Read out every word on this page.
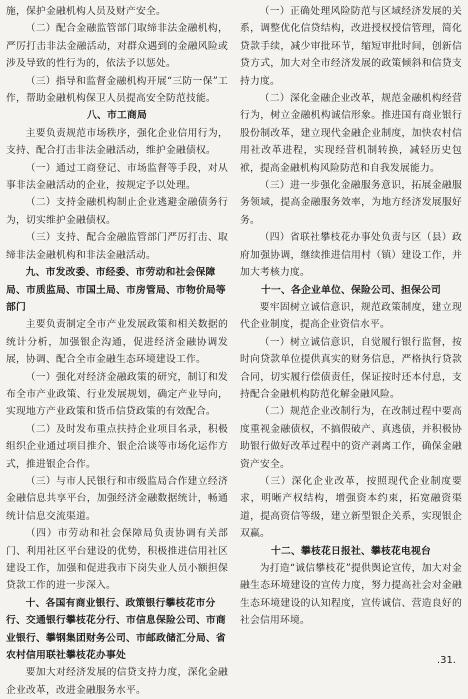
施，保护金融机构人员及财产安全。

（二）配合金融监管部门取缔非法金融机构，严厉打击非法金融活动，对群众遇到的金融风险或涉及导致的性行为的，依法予以惩处。

（三）指导和监督金融机构开展“三防一保”工作，帮助金融机构保卫人员提高安全防范技能。

八、市工商局

主要负责规范市场秩序，强化企业信用行为，支持、配合打击非法金融活动，维护金融债权。

（一）通过工商登记、市场监督等手段，对从事非法金融活动的企业，按规定予以处理。

（二）支持金融机构制止企业逃避金融债务行为，切实维护金融债权。

（三）支持、配合金融监管部门严厉打击、取缔非法金融机构和非法金融活动。

九、市发改委、市经委、市劳动和社会保障局、市质监局、市国土局、市房管局、市物价局等部门

主要负责制定全市产业发展政策和相关数据的统计分析，加强银企沟通，促进经济金融协调发展，协调、配合全市金融生态环境建设工作。

（一）强化对经济金融政策的研究，制订和发布全市产业政策、行业发展规划，确定产业导向，实现地方产业政策和货币信贷政策的有效配合。

（二）及时发布重点扶持企业项目名录，积极组织企业通过项目推介、银企洽谈等市场化运作方式，推进银企合作。

（三）与市人民银行和市级监局合作建立经济金融信息共享平台，加强经济金融数据统计，畅通统计信息交流渠道。

（四）市劳动和社会保障局负责协调有关部门、利用社区平台建设的优势，积极推进信用社区建设工作，加强和促进我市下岗失业人员小额担保贷款工作的进一步深入。

十、各国有商业银行、政策银行攀枝花市分行、交通银行攀枝花分行、市信息保险公司、市商业银行、攀钢集团财务公司、市邮政储汇分局、省农村信用联社攀枝花办事处

要加大对经济发展的信贷支持力度，深化金融企业改革，改进金融服务水平。

（一）正确处理风险防范与区域经济发展的关系，调整优化信贷结构，改进授权授信管理，简化贷款手续，减少审批环节，缩短审批时间，创新信贷方式，加大对全市经济发展的政策倾斜和信贷支持力度。

（二）深化金融企业改革，规范金融机构经营行为，树立金融机构诚信形象。推进国有商业银行股份制改革，建立现代金融企业制度，加快农村信用社改革进程，实现经营机制转换，减轻历史包袱，提高金融机构风险防范和自我发展能力。

（三）进一步强化金融服务意识，拓展金融服务领域，提高金融服务效率，为地方经济发展服好务。

（四）省联社攀枝花办事处负责与区（县）政府加强协调，继续推进信用村（镇）建设工作，并加大考核力度。

十一、各企业单位、保险公司、担保公司

要牢固树立诚信意识，规范政策制度，建立现代企业制度，提高企业资信水平。

（一）树立诚信意识，自觉履行银行监督，按时向贷款单位提供真实的财务信息，严格执行贷款合同，切实履行偿债责任，保证按时还本付息，支持配合金融机构防范化解金融风险。

（二）规范企业改制行为，在改制过程中要高度重视金融债权，不搞假破产、真逃债，并积极协助银行做好改革过程中的资产剥离工作，确保金融资产安全。

（三）深化企业改革，按照现代企业制度要求，明晰产权结构，增强资本约束，拓宽融资渠道，提高资信等级，建立新型银企关系，实现银企双赢。

十二、攀枝花日报社、攀枝花电视台

为打造“诚信攀枝花”提供舆论宣传，加大对金融生态环境建设的宣传力度，努力提高社会对金融生态环境建设的认知程度，宣传诚信、营造良好的社会信用环境。

.31.
